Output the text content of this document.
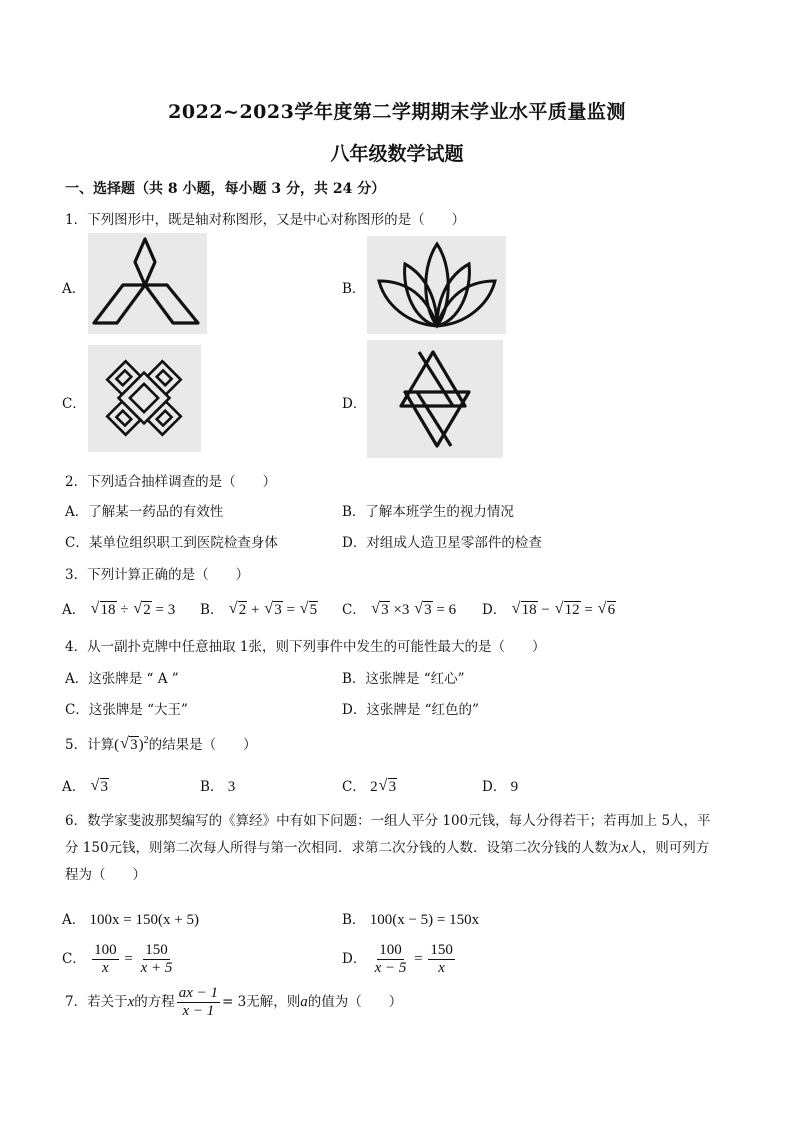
2022~2023学年度第二学期期末学业水平质量监测
八年级数学试题
一、选择题（共 8 小题，每小题 3 分，共 24 分）
1．下列图形中，既是轴对称图形，又是中心对称图形的是（　　）
A．	B．
C．	D．
2．下列适合抽样调查的是（　　）
A．了解某一药品的有效性	B．了解本班学生的视力情况
C．某单位组织职工到医院检查身体	D．对组成人造卫星零部件的检查
3．下列计算正确的是（　　）
A． √ 18 ÷ √ 2 = 3 B． √ 2 + √ 3 = √ 5 C． √ 3 ×3 √ 3 = 6 D． √ 18 − √ 12 = √ 6
4．从一副扑克牌中任意抽取 1张，则下列事件中发生的可能性最大的是（　　）
A．这张牌是 “ A ”	B．这张牌是 “红心”
C．这张牌是 “大王”	D．这张牌是 “红色的”
5．计算( √ 3)$^2$的结果是（　　）
A． √ 3	B． 3	C． 2 √ 3	D． 9
6．数学家斐波那契编写的《算经》中有如下问题：一组人平分 100元钱，每人分得若干；若再加上 5人，平
分 150元钱，则第二次每人所得与第一次相同．求第二次分钱的人数．设第二次分钱的人数为x人，则可列方
程为（　　）
A． 100x = 150(x + 5)	B． 100(x − 5) = 150x
C． $\frac{100}{x} = \frac{150}{x + 5}$	D． $\frac{100}{x - 5} = \frac{150}{x}$
7．若关于x的方程 $\frac{ax - 1}{x - 1} = 3$无解，则a的值为（　　）
